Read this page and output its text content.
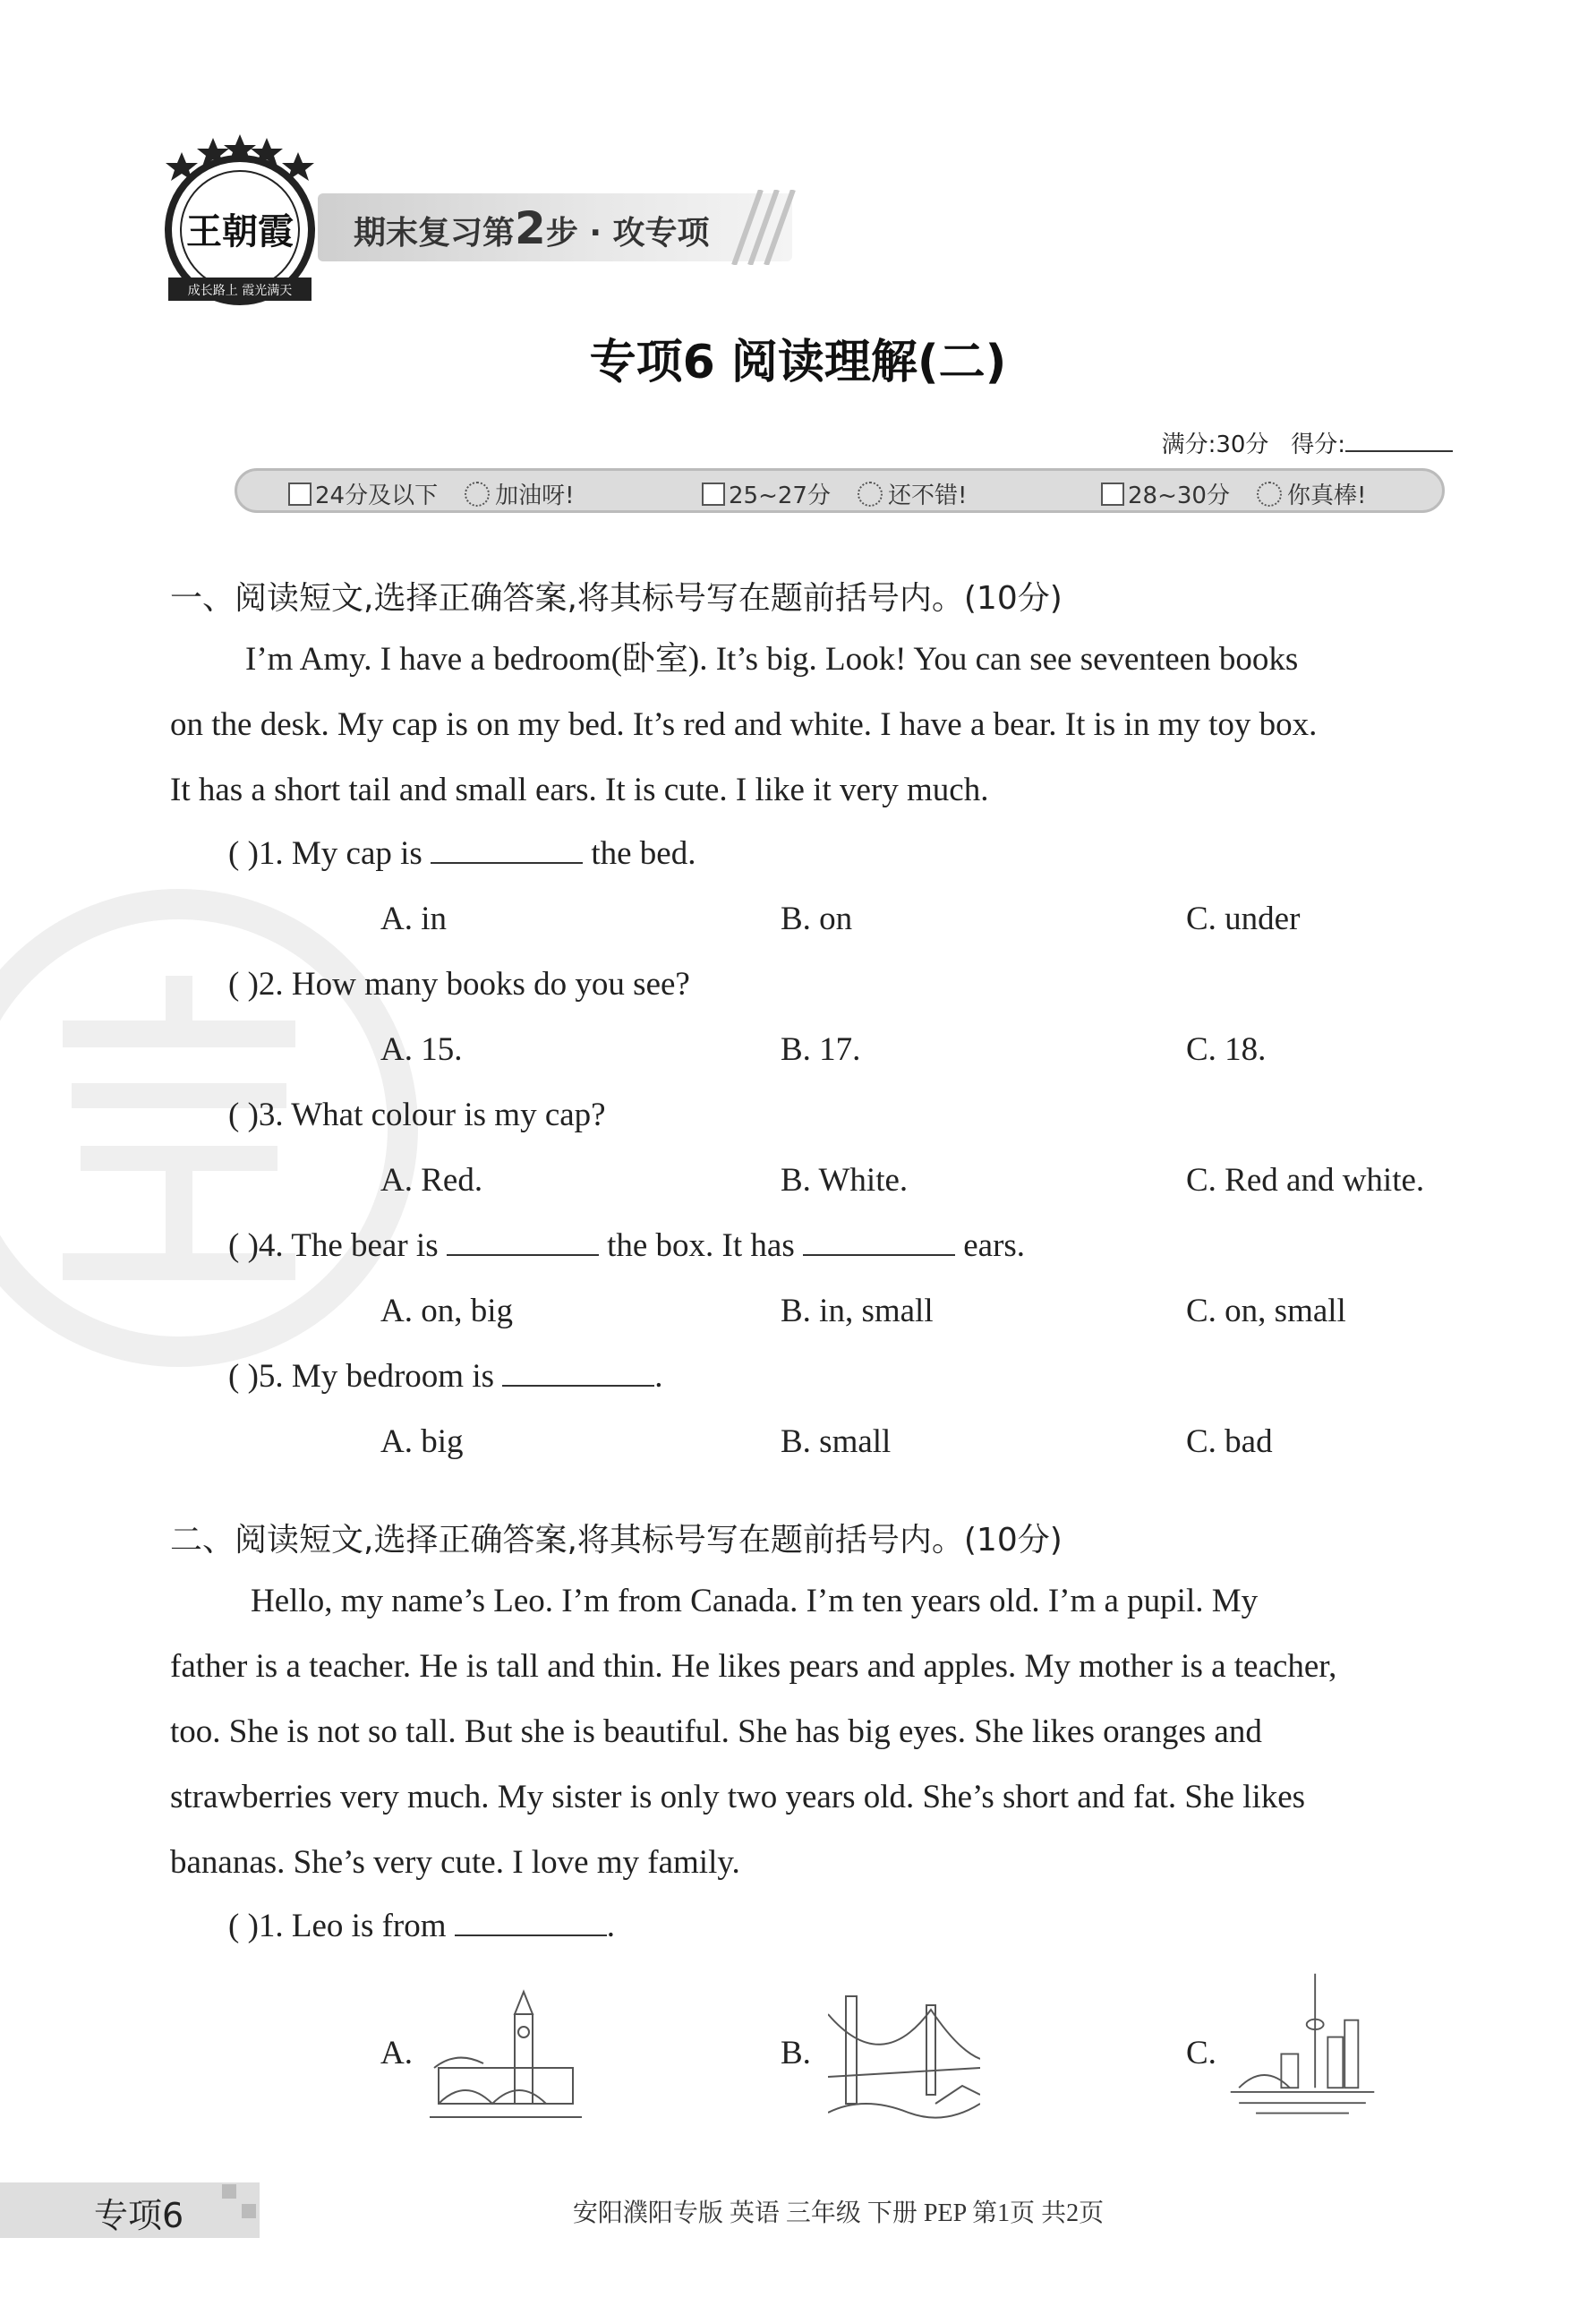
王朝霞
成长路上 霞光满天
期末复习第2步 · 攻专项
专项6 阅读理解(二)
满分:30分 得分:
24分及以下 加油呀!	25~27分 还不错!	28~30分 你真棒!
一、阅读短文,选择正确答案,将其标号写在题前括号内。(10分)

I’m Amy. I have a bedroom(卧室). It’s big. Look! You can see seventeen books

on the desk. My cap is on my bed. It’s red and white. I have a bear. It is in my toy box.

It has a short tail and small ears. It is cute. I like it very much.

( )1. My cap is	the bed.
A. in	B. on	C. under
( )2. How many books do you see?
A. 15.	B. 17.	C. 18.
( )3. What colour is my cap?
A. Red.	B. White.	C. Red and white.
( )4. The bear is	the box. It has	ears.
A. on, big	B. in, small	C. on, small
( )5. My bedroom is	.
A. big	B. small	C. bad
二、阅读短文,选择正确答案,将其标号写在题前括号内。(10分)

Hello, my name’s Leo. I’m from Canada. I’m ten years old. I’m a pupil. My

father is a teacher. He is tall and thin. He likes pears and apples. My mother is a teacher,

too. She is not so tall. But she is beautiful. She has big eyes. She likes oranges and

strawberries very much. My sister is only two years old. She’s short and fat. She likes

bananas. She’s very cute. I love my family.

( )1. Leo is from	.
A.	B.	C.
专项6	安阳濮阳专版 英语 三年级 下册 PEP 第1页 共2页
